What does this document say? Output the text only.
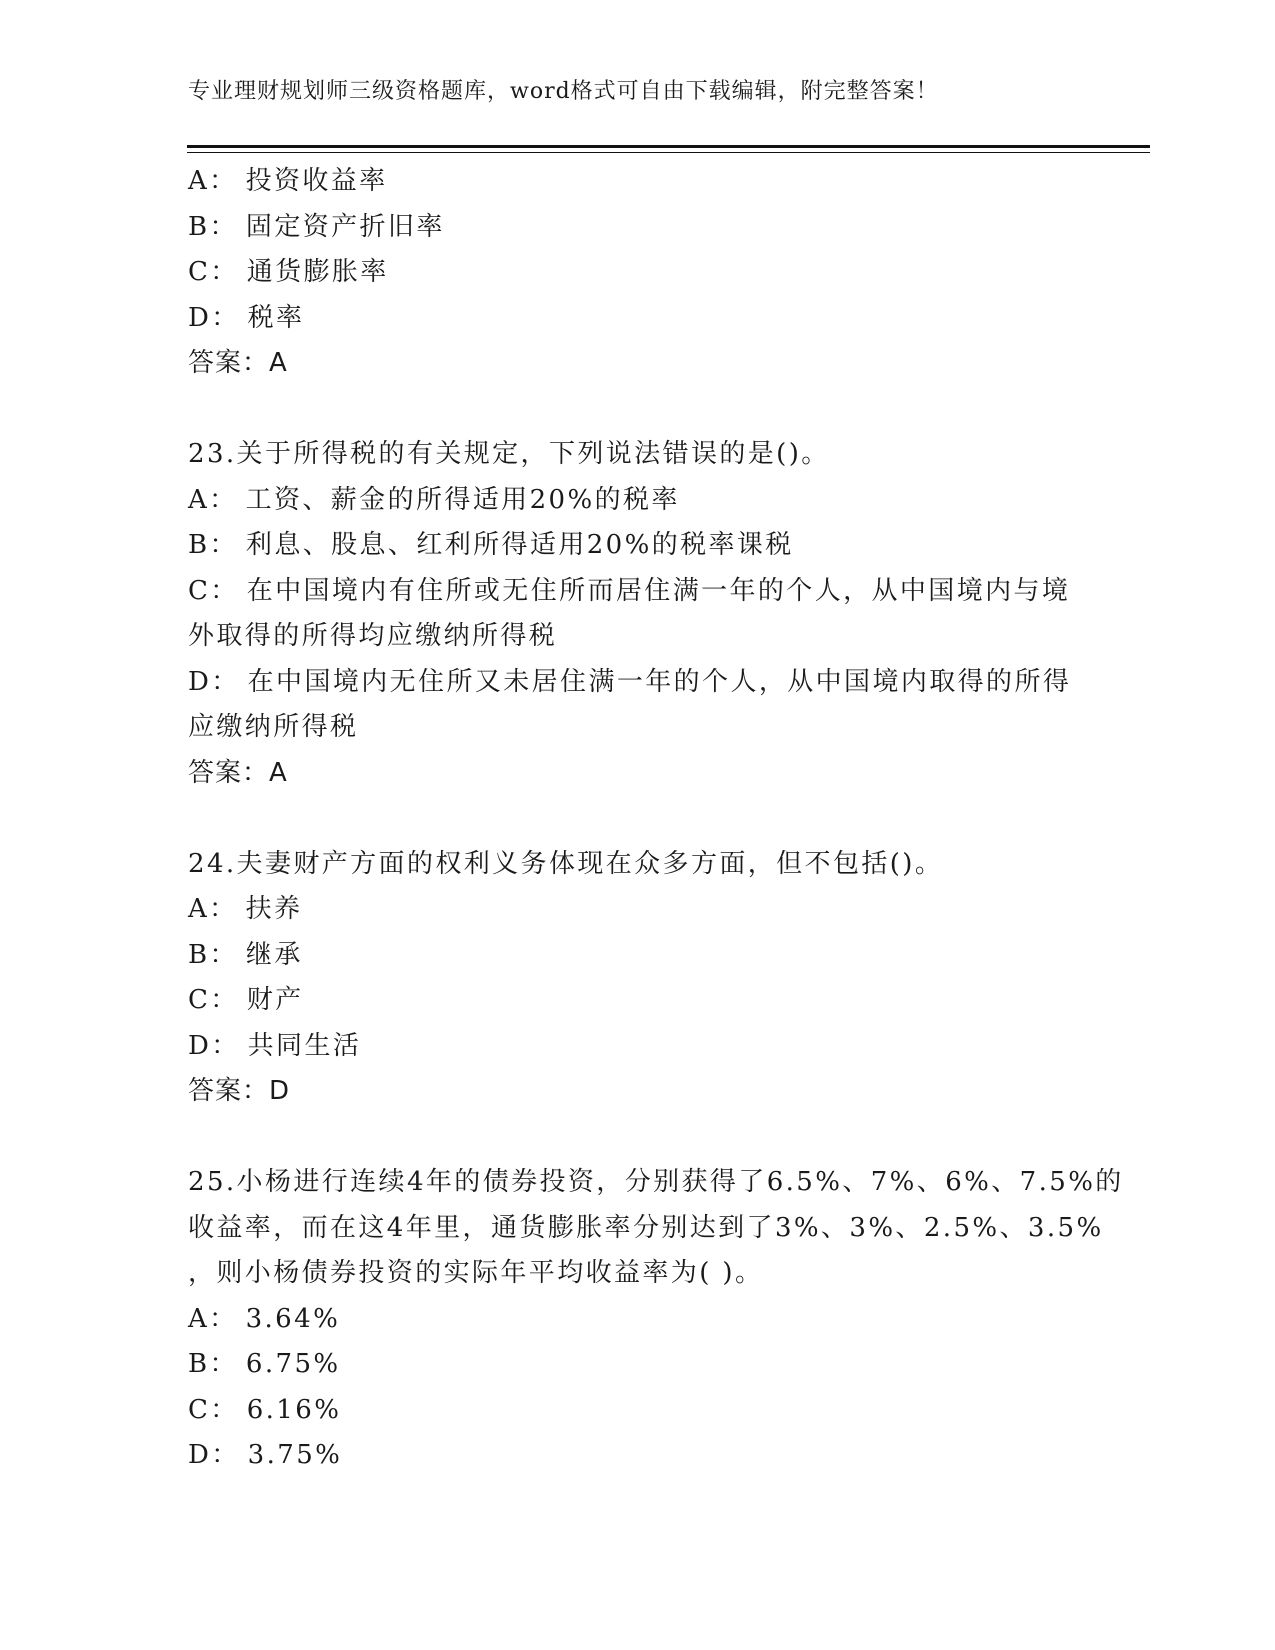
专业理财规划师三级资格题库，word格式可自由下载编辑，附完整答案！
A： 投资收益率
B： 固定资产折旧率
C： 通货膨胀率
D： 税率
答案：A
23.关于所得税的有关规定，下列说法错误的是()。
A： 工资、薪金的所得适用20%的税率
B： 利息、股息、红利所得适用20%的税率课税
C： 在中国境内有住所或无住所而居住满一年的个人，从中国境内与境
外取得的所得均应缴纳所得税
D： 在中国境内无住所又未居住满一年的个人，从中国境内取得的所得
应缴纳所得税
答案：A
24.夫妻财产方面的权利义务体现在众多方面，但不包括()。
A： 扶养
B： 继承
C： 财产
D： 共同生活
答案：D
25.小杨进行连续4年的债券投资，分别获得了6.5%、7%、6%、7.5%的
收益率，而在这4年里，通货膨胀率分别达到了3%、3%、2.5%、3.5%
，则小杨债券投资的实际年平均收益率为( )。
A： 3.64%
B： 6.75%
C： 6.16%
D： 3.75%
